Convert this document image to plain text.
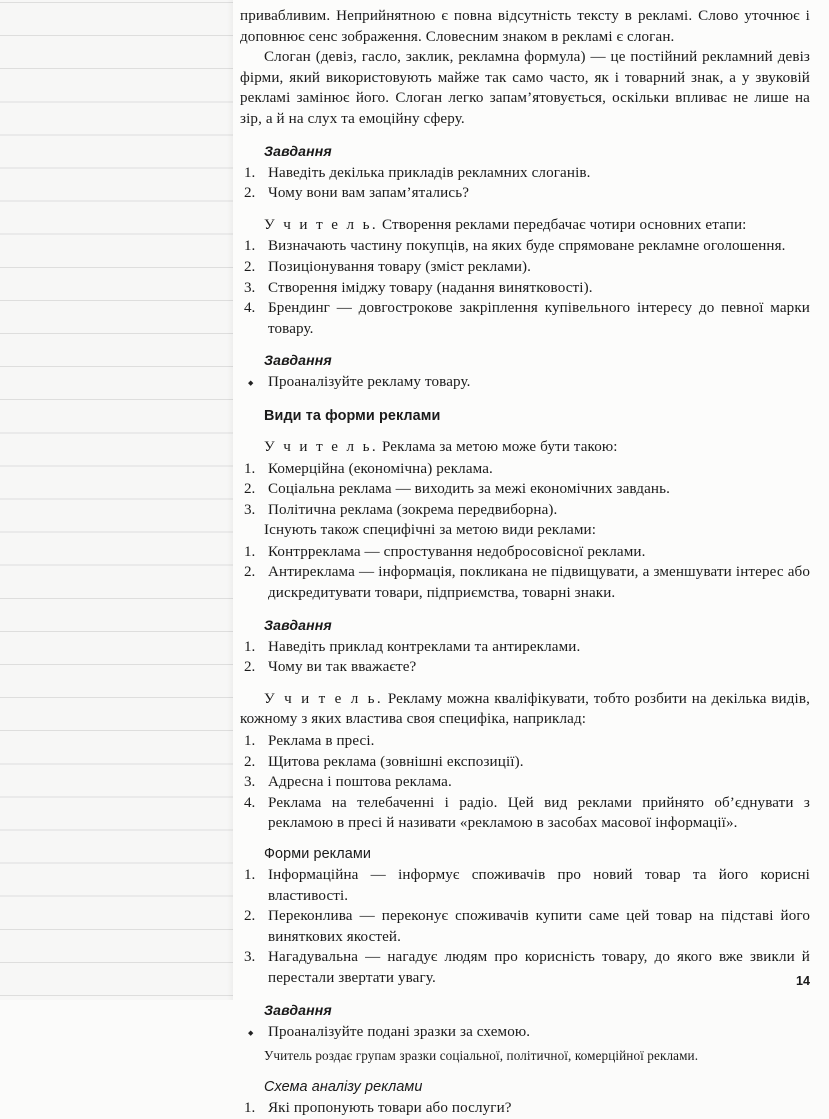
привабливим. Неприйнятною є повна відсутність тексту в рекламі. Слово уточнює і доповнює сенс зображення. Словесним знаком в рекламі є слоган.

Слоган (девіз, гасло, заклик, рекламна формула) — це постійний рекламний девіз фірми, який використовують майже так само часто, як і товарний знак, а у звуковій рекламі замінює його. Слоган легко запам’ятовується, оскільки впливає не лише на зір, а й на слух та емоційну сферу.

Завдання
Наведіть декілька прикладів рекламних слоганів.
Чому вони вам запам’ятались?

У ч и т е л ь. Створення реклами передбачає чотири основних етапи:

Визначають частину покупців, на яких буде спрямоване рекламне оголошення.
Позиціонування товару (зміст реклами).
Створення іміджу товару (надання винятковості).
Брендинг — довгострокове закріплення купівельного інтересу до певної марки товару.
Завдання
◆ Проаналізуйте рекламу товару.
Види та форми реклами

У ч и т е л ь. Реклама за метою може бути такою:

Комерційна (економічна) реклама.
Соціальна реклама — виходить за межі економічних завдань.
Політична реклама (зокрема передвиборна).
Існують також специфічні за метою види реклами:
Контрреклама — спростування недобросовісної реклами.
Антиреклама — інформація, покликана не підвищувати, а зменшувати інтерес або дискредитувати товари, підприємства, товарні знаки.
Завдання
Наведіть приклад контреклами та антиреклами.
Чому ви так вважаєте?

У ч и т е л ь. Рекламу можна кваліфікувати, тобто розбити на декілька видів, кожному з яких властива своя специфіка, наприклад:

Реклама в пресі.
Щитова реклама (зовнішні експозиції).
Адресна і поштова реклама.
Реклама на телебаченні і радіо. Цей вид реклами прийнято об’єднувати з рекламою в пресі й називати «рекламою в засобах масової інформації».
Форми реклами
Інформаційна — інформує споживачів про новий товар та його корисні властивості.
Переконлива — переконує споживачів купити саме цей товар на підставі його виняткових якостей.
Нагадувальна — нагадує людям про корисність товару, до якого вже звикли й перестали звертати увагу.
Завдання
◆ Проаналізуйте подані зразки за схемою.
Учитель роздає групам зразки соціальної, політичної, комерційної реклами.
Схема аналізу реклами
Які пропонують товари або послуги?
14
